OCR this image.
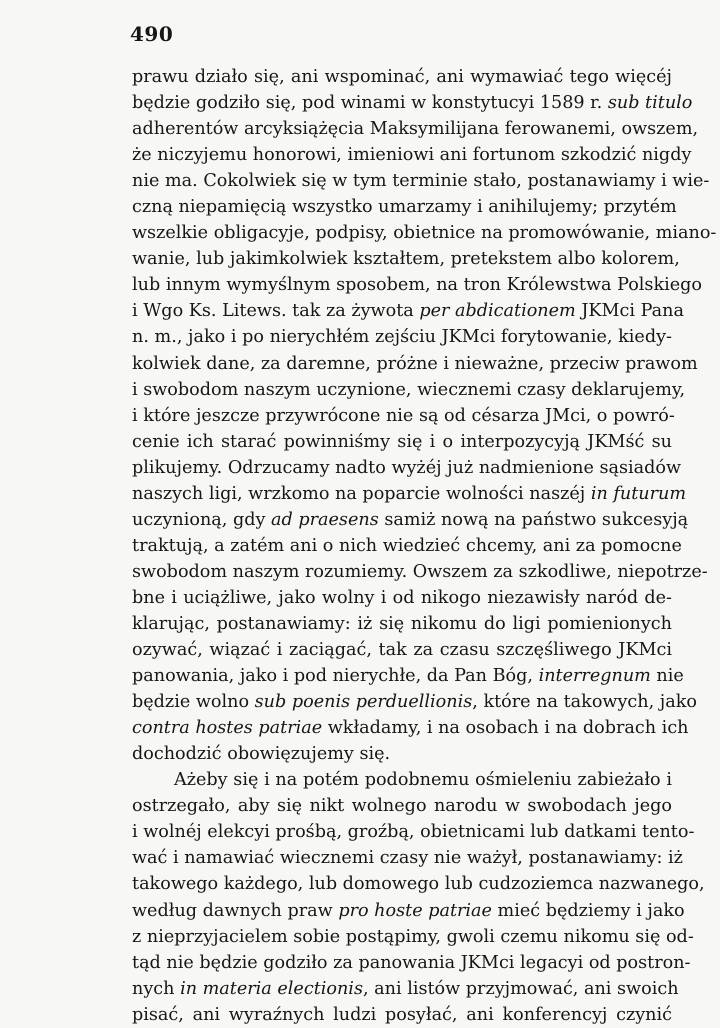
490
prawu działo się, ani wspominać, ani wymawiać tego więcéj
będzie godziło się, pod winami w konstytucyi 1589 r. sub titulo
adherentów arcyksiążęcia Maksymilijana ferowanemi, owszem,
że niczyjemu honorowi, imieniowi ani fortunom szkodzić nigdy
nie ma. Cokolwiek się w tym terminie stało, postanawiamy i wie-
czną niepamięcią wszystko umarzamy i anihilujemy; przytém
wszelkie obligacyje, podpisy, obietnice na promowówanie, miano-
wanie, lub jakimkolwiek kształtem, pretekstem albo kolorem,
lub innym wymyślnym sposobem, na tron Królewstwa Polskiego
i Wgo Ks. Litews. tak za żywota per abdicationem JKMci Pana
n. m., jako i po nierychłém zejściu JKMci forytowanie, kiedy-
kolwiek dane, za daremne, próżne i nieważne, przeciw prawom
i swobodom naszym uczynione, wiecznemi czasy deklarujemy,
i które jeszcze przywrócone nie są od césarza JMci, o powró-
cenie ich starać powinniśmy się i o interpozycyją JKMść su
plikujemy. Odrzucamy nadto wyżéj już nadmienione sąsiadów
naszych ligi, wrzkomo na poparcie wolności naszéj in futurum
uczynioną, gdy ad praesens samiż nową na państwo sukcesyją
traktują, a zatém ani o nich wiedzieć chcemy, ani za pomocne
swobodom naszym rozumiemy. Owszem za szkodliwe, niepotrze-
bne i uciążliwe, jako wolny i od nikogo niezawisły naród de-
klarując, postanawiamy: iż się nikomu do ligi pomienionych
ozywać, wiązać i zaciągać, tak za czasu szczęśliwego JKMci
panowania, jako i pod nierychłe, da Pan Bóg, interregnum nie
będzie wolno sub poenis perduellionis, które na takowych, jako
contra hostes patriae wkładamy, i na osobach i na dobrach ich
dochodzić obowięzujemy się.
Ażeby się i na potém podobnemu ośmieleniu zabieżało i
ostrzegało, aby się nikt wolnego narodu w swobodach jego
i wolnéj elekcyi prośbą, groźbą, obietnicami lub datkami tento-
wać i namawiać wiecznemi czasy nie ważył, postanawiamy: iż
takowego każdego, lub domowego lub cudzoziemca nazwanego,
według dawnych praw pro hoste patriae mieć będziemy i jako
z nieprzyjacielem sobie postąpimy, gwoli czemu nikomu się od-
tąd nie będzie godziło za panowania JKMci legacyi od postron-
nych in materia electionis, ani listów przyjmować, ani swoich
pisać, ani wyraźnych ludzi posyłać, ani konferencyj czynić
